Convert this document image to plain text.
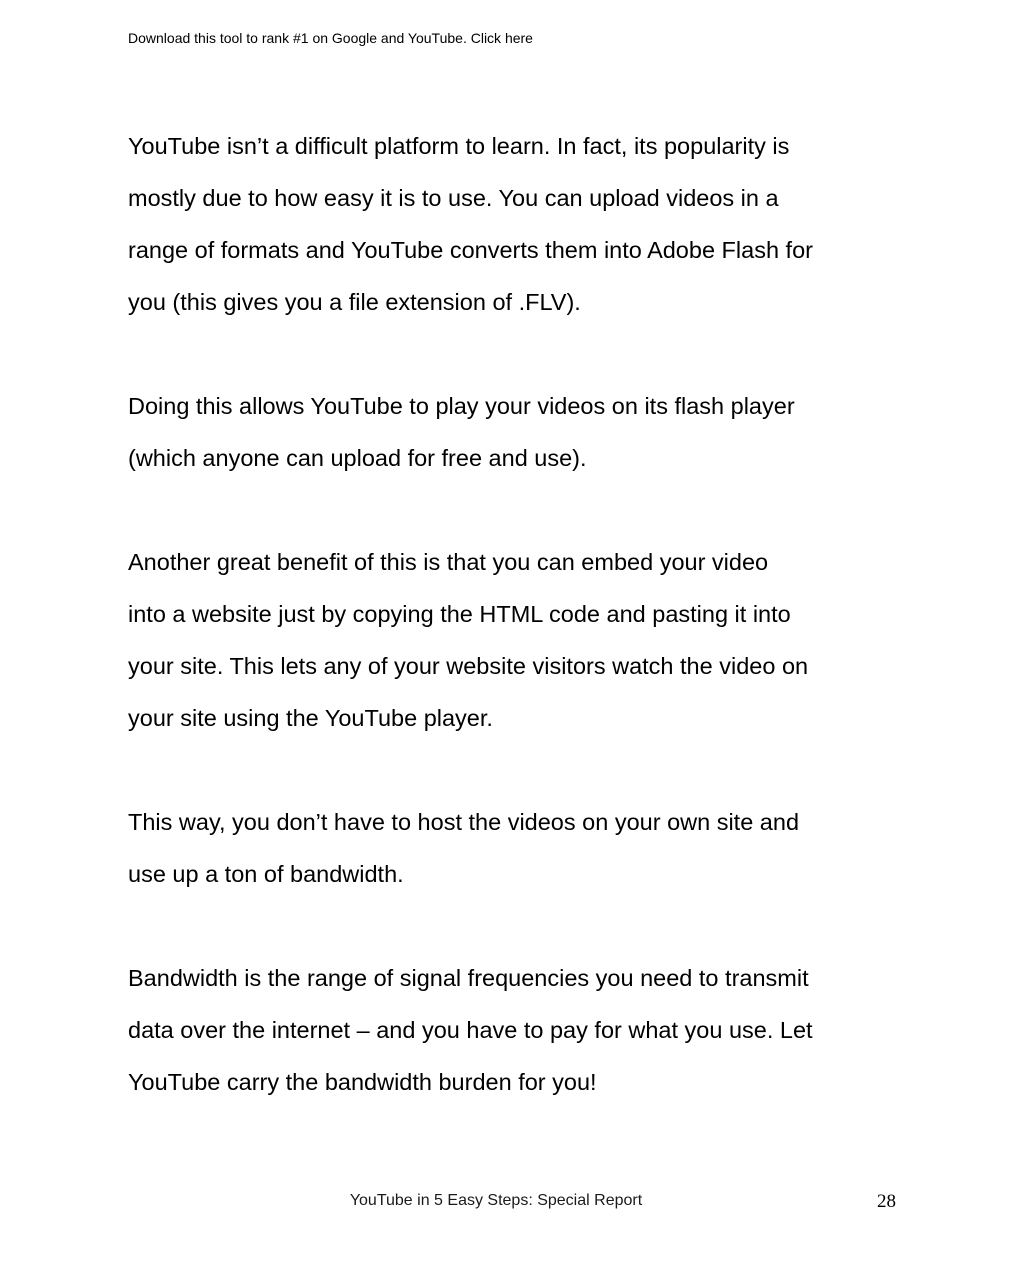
Download this tool to rank #1 on Google and YouTube. Click here

YouTube isn’t a difficult platform to learn. In fact, its popularity is
mostly due to how easy it is to use. You can upload videos in a
range of formats and YouTube converts them into Adobe Flash for
you (this gives you a file extension of .FLV).

Doing this allows YouTube to play your videos on its flash player
(which anyone can upload for free and use).

Another great benefit of this is that you can embed your video
into a website just by copying the HTML code and pasting it into
your site. This lets any of your website visitors watch the video on
your site using the YouTube player.

This way, you don’t have to host the videos on your own site and
use up a ton of bandwidth.

Bandwidth is the range of signal frequencies you need to transmit
data over the internet – and you have to pay for what you use. Let
YouTube carry the bandwidth burden for you!

YouTube in 5 Easy Steps: Special Report	28
